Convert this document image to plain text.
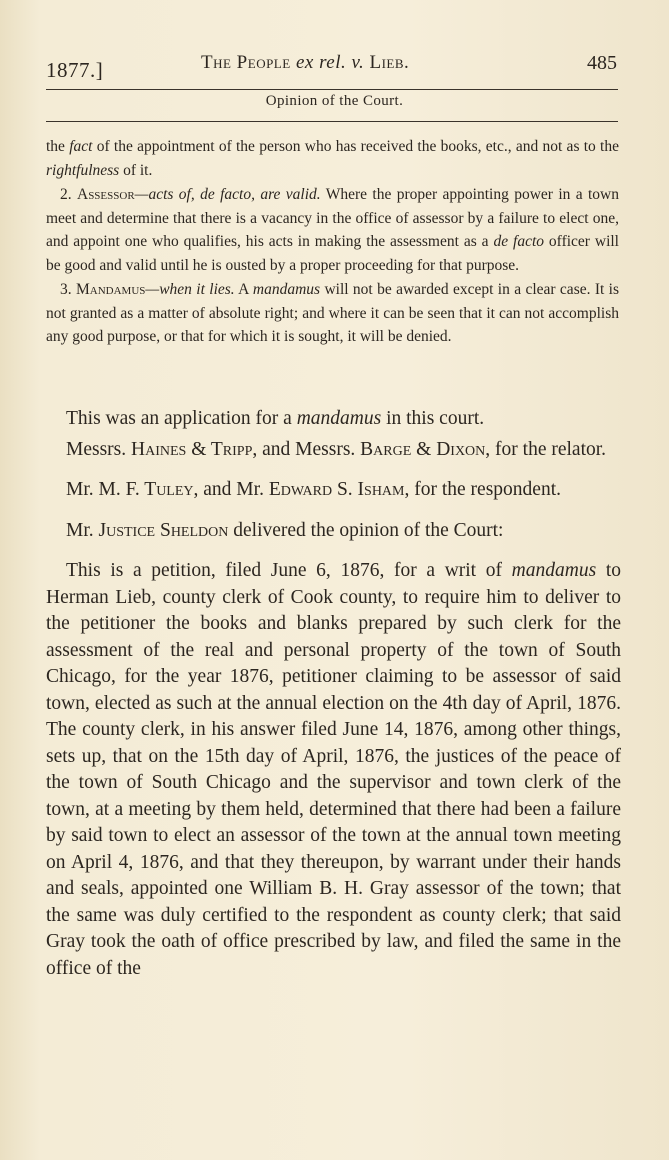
1877.]	The People ex rel. v. Lieb.	485
Opinion of the Court.

the fact of the appointment of the person who has received the books, etc., and not as to the rightfulness of it.

2. Assessor—acts of, de facto, are valid. Where the proper appointing power in a town meet and determine that there is a vacancy in the office of assessor by a failure to elect one, and appoint one who qualifies, his acts in making the assessment as a de facto officer will be good and valid until he is ousted by a proper proceeding for that purpose.

3. Mandamus—when it lies. A mandamus will not be awarded except in a clear case. It is not granted as a matter of absolute right; and where it can be seen that it can not accomplish any good purpose, or that for which it is sought, it will be denied.

This was an application for a mandamus in this court.

Messrs. Haines & Tripp, and Messrs. Barge & Dixon, for the relator.

Mr. M. F. Tuley, and Mr. Edward S. Isham, for the respondent.

Mr. Justice Sheldon delivered the opinion of the Court:

This is a petition, filed June 6, 1876, for a writ of mandamus to Herman Lieb, county clerk of Cook county, to require him to deliver to the petitioner the books and blanks prepared by such clerk for the assessment of the real and personal property of the town of South Chicago, for the year 1876, petitioner claiming to be assessor of said town, elected as such at the annual election on the 4th day of April, 1876. The county clerk, in his answer filed June 14, 1876, among other things, sets up, that on the 15th day of April, 1876, the justices of the peace of the town of South Chicago and the supervisor and town clerk of the town, at a meeting by them held, determined that there had been a failure by said town to elect an assessor of the town at the annual town meeting on April 4, 1876, and that they thereupon, by warrant under their hands and seals, appointed one William B. H. Gray assessor of the town; that the same was duly certified to the respondent as county clerk; that said Gray took the oath of office prescribed by law, and filed the same in the office of the
